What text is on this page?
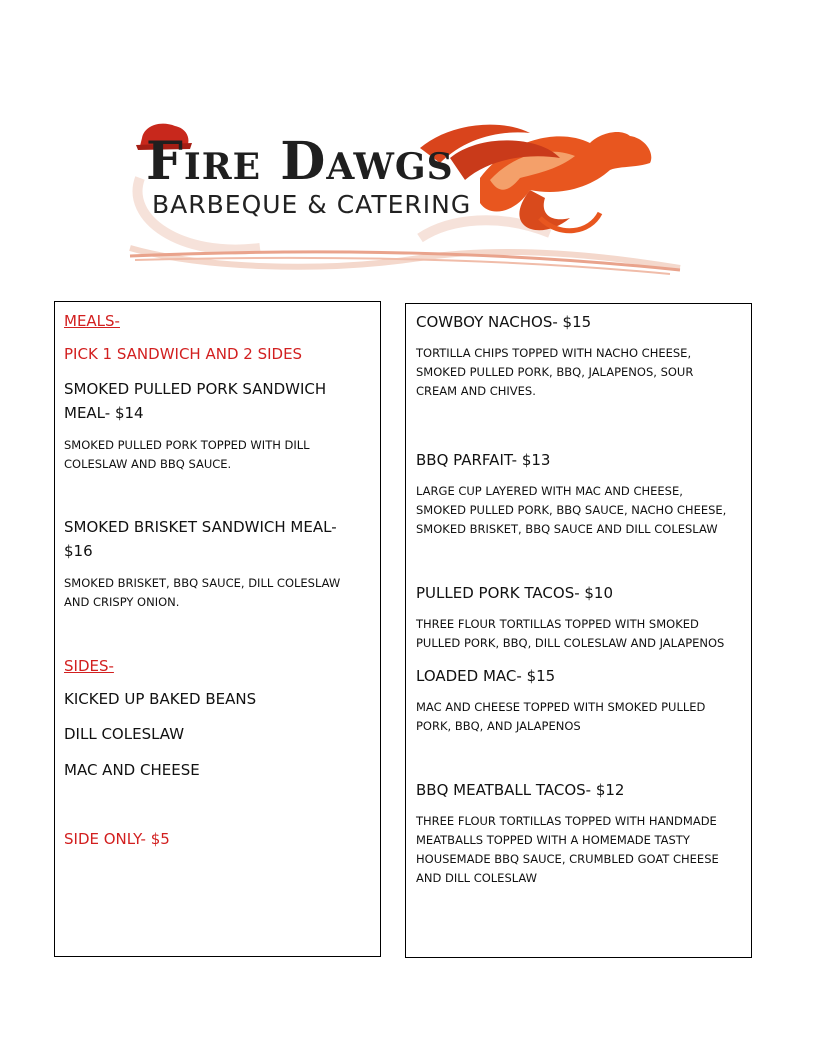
Fire Dawgs
BARBEQUE & CATERING

MEALS-

PICK 1 SANDWICH AND 2 SIDES

SMOKED PULLED PORK SANDWICH

MEAL- $14

SMOKED PULLED PORK TOPPED WITH DILL

COLESLAW AND BBQ SAUCE.

SMOKED BRISKET SANDWICH MEAL-

$16

SMOKED BRISKET, BBQ SAUCE, DILL COLESLAW

AND CRISPY ONION.

SIDES-

KICKED UP BAKED BEANS

DILL COLESLAW

MAC AND CHEESE

SIDE ONLY- $5

COWBOY NACHOS- $15

TORTILLA CHIPS TOPPED WITH NACHO CHEESE,

SMOKED PULLED PORK, BBQ, JALAPENOS, SOUR

CREAM AND CHIVES.

BBQ PARFAIT- $13

LARGE CUP LAYERED WITH MAC AND CHEESE,

SMOKED PULLED PORK, BBQ SAUCE, NACHO CHEESE,

SMOKED BRISKET, BBQ SAUCE AND DILL COLESLAW

PULLED PORK TACOS- $10

THREE FLOUR TORTILLAS TOPPED WITH SMOKED

PULLED PORK, BBQ, DILL COLESLAW AND JALAPENOS

LOADED MAC- $15

MAC AND CHEESE TOPPED WITH SMOKED PULLED

PORK, BBQ, AND JALAPENOS

BBQ MEATBALL TACOS- $12

THREE FLOUR TORTILLAS TOPPED WITH HANDMADE

MEATBALLS TOPPED WITH A HOMEMADE TASTY

HOUSEMADE BBQ SAUCE, CRUMBLED GOAT CHEESE

AND DILL COLESLAW
